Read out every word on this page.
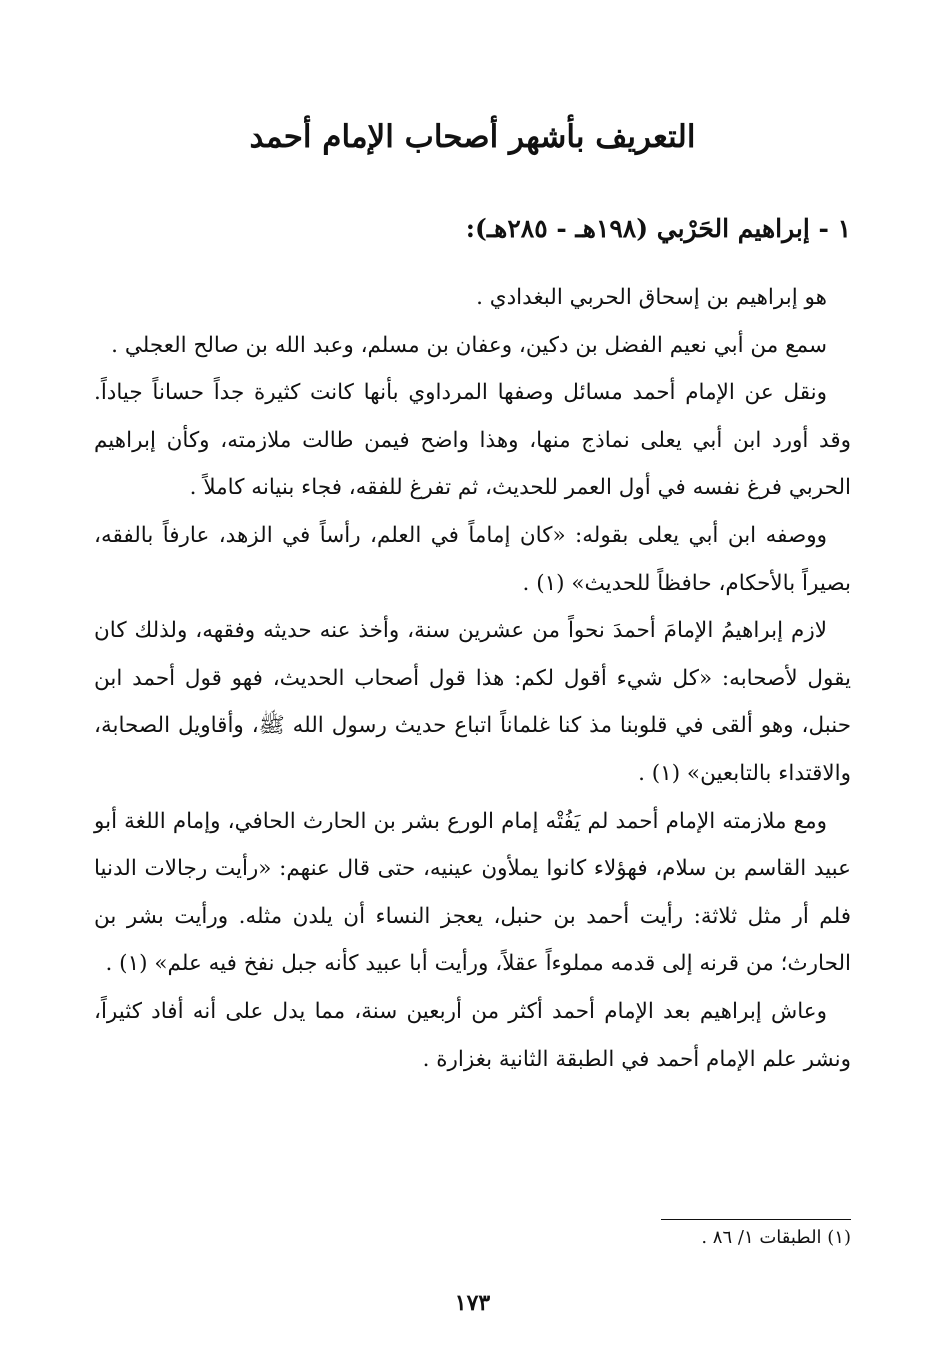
التعريف بأشهر أصحاب الإمام أحمد
١ - إبراهيم الحَرْبي (١٩٨هـ - ٢٨٥هـ):

هو إبراهيم بن إسحاق الحربي البغدادي .

سمع من أبي نعيم الفضل بن دكين، وعفان بن مسلم، وعبد الله بن صالح العجلي .

ونقل عن الإمام أحمد مسائل وصفها المرداوي بأنها كانت كثيرة جداً حساناً جياداً. وقد أورد ابن أبي يعلى نماذج منها، وهذا واضح فيمن طالت ملازمته، وكأن إبراهيم الحربي فرغ نفسه في أول العمر للحديث، ثم تفرغ للفقه، فجاء بنيانه كاملاً .

ووصفه ابن أبي يعلى بقوله: «كان إماماً في العلم، رأساً في الزهد، عارفاً بالفقه، بصيراً بالأحكام، حافظاً للحديث» (١) .

لازم إبراهيمُ الإمامَ أحمدَ نحواً من عشرين سنة، وأخذ عنه حديثه وفقهه، ولذلك كان يقول لأصحابه: «كل شيء أقول لكم: هذا قول أصحاب الحديث، فهو قول أحمد ابن حنبل، وهو ألقى في قلوبنا مذ كنا غلماناً اتباع حديث رسول الله ﷺ، وأقاويل الصحابة، والاقتداء بالتابعين» (١) .

ومع ملازمته الإمام أحمد لم يَفُتْه إمام الورع بشر بن الحارث الحافي، وإمام اللغة أبو عبيد القاسم بن سلام، فهؤلاء كانوا يملأون عينيه، حتى قال عنهم: «رأيت رجالات الدنيا فلم أر مثل ثلاثة: رأيت أحمد بن حنبل، يعجز النساء أن يلدن مثله. ورأيت بشر بن الحارث؛ من قرنه إلى قدمه مملوءاً عقلاً، ورأيت أبا عبيد كأنه جبل نفخ فيه علم» (١) .

وعاش إبراهيم بعد الإمام أحمد أكثر من أربعين سنة، مما يدل على أنه أفاد كثيراً، ونشر علم الإمام أحمد في الطبقة الثانية بغزارة .

(١) الطبقات ١/ ٨٦ .

١٧٣
